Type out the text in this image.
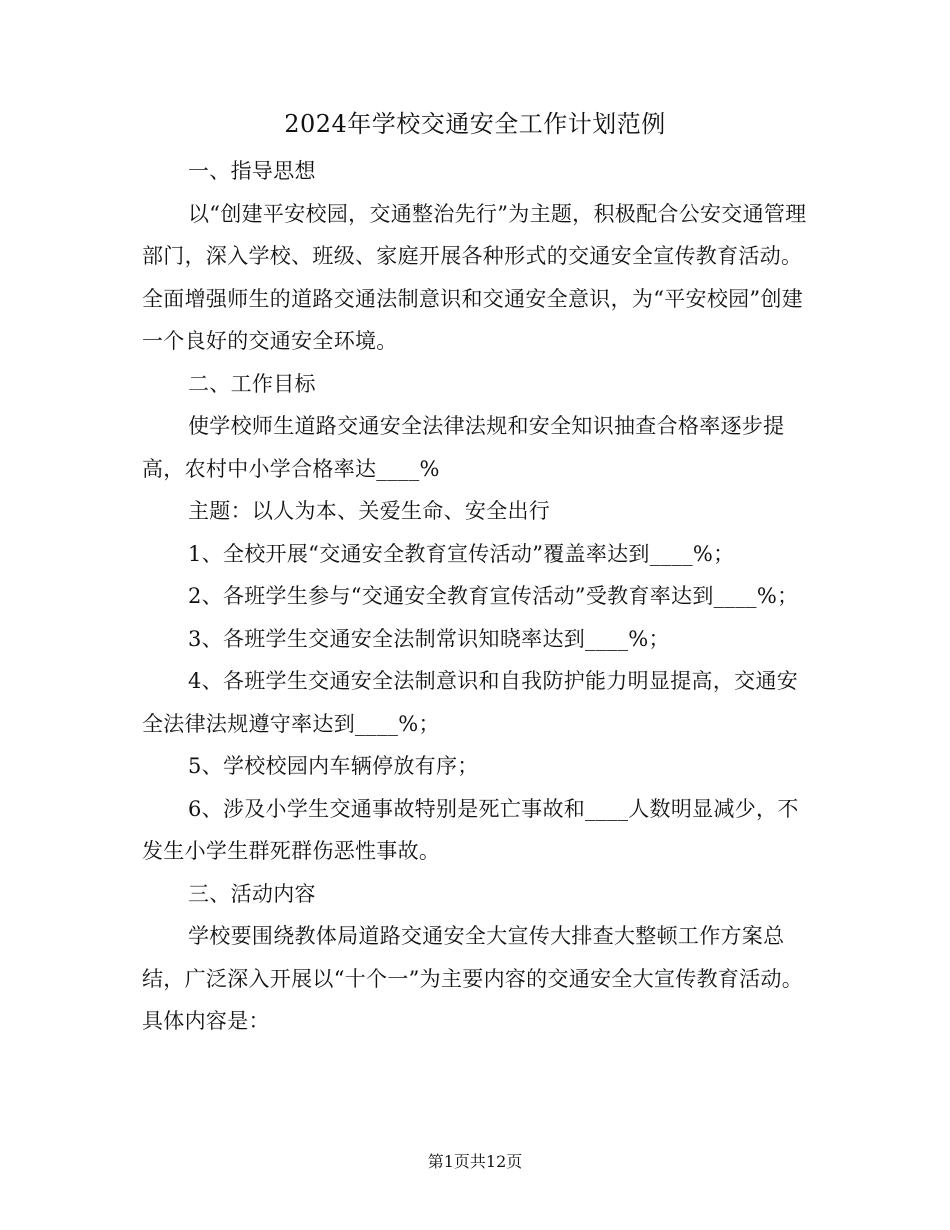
2024年学校交通安全工作计划范例

一、指导思想

以“创建平安校园，交通整治先行”为主题，积极配合公安交通管理部门，深入学校、班级、家庭开展各种形式的交通安全宣传教育活动。全面增强师生的道路交通法制意识和交通安全意识，为“平安校园”创建一个良好的交通安全环境。

二、工作目标

使学校师生道路交通安全法律法规和安全知识抽查合格率逐步提高，农村中小学合格率达____%

主题：以人为本、关爱生命、安全出行

1、全校开展“交通安全教育宣传活动”覆盖率达到____%；

2、各班学生参与“交通安全教育宣传活动”受教育率达到____%；

3、各班学生交通安全法制常识知晓率达到____%；

4、各班学生交通安全法制意识和自我防护能力明显提高，交通安全法律法规遵守率达到____%；

5、学校校园内车辆停放有序；

6、涉及小学生交通事故特别是死亡事故和____人数明显减少，不发生小学生群死群伤恶性事故。

三、活动内容

学校要围绕教体局道路交通安全大宣传大排查大整顿工作方案总结，广泛深入开展以“十个一”为主要内容的交通安全大宣传教育活动。具体内容是：

第1页共12页
